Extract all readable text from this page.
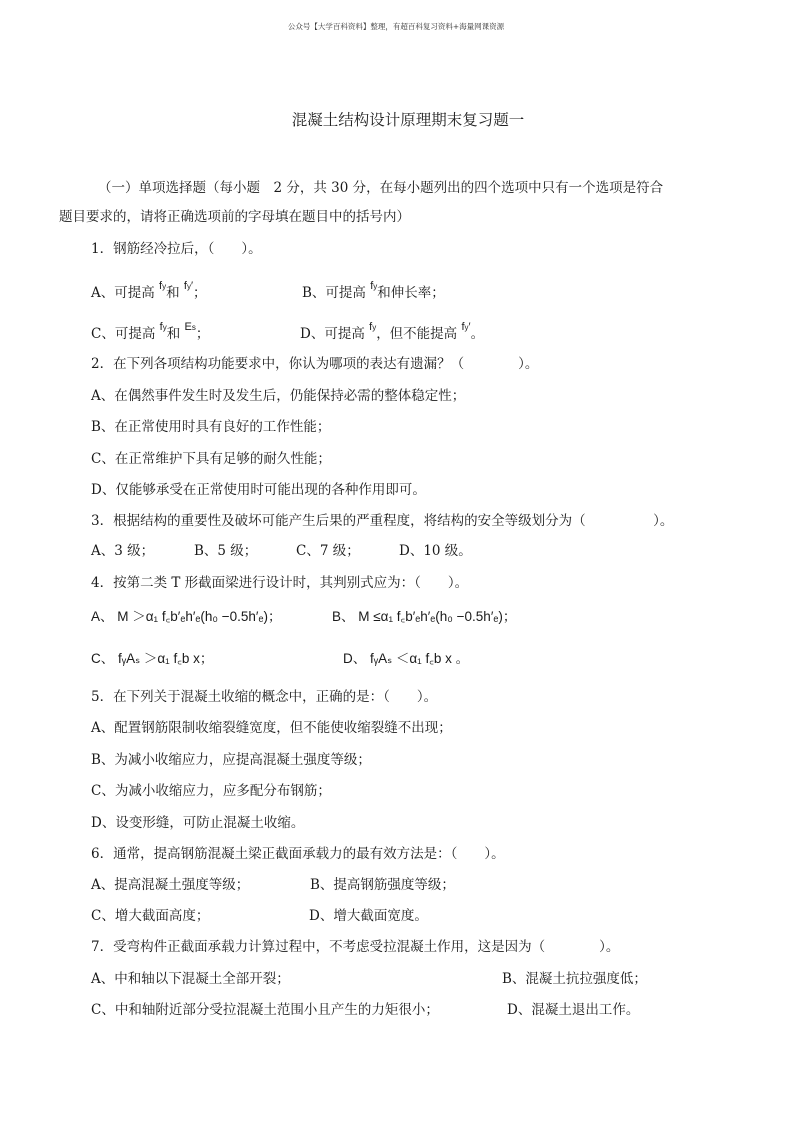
公众号【大学百科资料】整理，有超百科复习资料+海量网课资源
混凝土结构设计原理期末复习题一
（一）单项选择题（每小题　2 分，共 30 分，在每小题列出的四个选项中只有一个选项是符合
题目要求的，请将正确选项前的字母填在题目中的括号内）
1．钢筋经冷拉后，（　　）。
A、可提高 $^{fy}$和 $^{fy'}$；	B、可提高 $^{fy}$和伸长率；
C、可提高 $^{fy}$和 $^{Es}$；	D、可提高 $^{fy}$，但不能提高 $^{fy'}$。
2．在下列各项结构功能要求中，你认为哪项的表达有遗漏？（　　　　）。
A、在偶然事件发生时及发生后，仍能保持必需的整体稳定性；
B、在正常使用时具有良好的工作性能；
C、在正常维护下具有足够的耐久性能；
D、仅能够承受在正常使用时可能出现的各种作用即可。
3．根据结构的重要性及破坏可能产生后果的严重程度，将结构的安全等级划分为（　　　　　）。
A、3 级；	B、5 级；	C、7 级；	D、10 级。
4．按第二类 T 形截面梁进行设计时，其判别式应为：（　　）。
A、 M ＞α₁ f꜀b′ₑh′ₑ(h₀ −0.5h′ₑ)；	B、 M ≤α₁ f꜀b′ₑh′ₑ(h₀ −0.5h′ₑ)；
C、 fᵧAₛ ＞α₁ f꜀b x；	D、 fᵧAₛ ＜α₁ f꜀b x 。
5．在下列关于混凝土收缩的概念中，正确的是：（　　）。
A、配置钢筋限制收缩裂缝宽度，但不能使收缩裂缝不出现；
B、为减小收缩应力，应提高混凝土强度等级；
C、为减小收缩应力，应多配分布钢筋；
D、设变形缝，可防止混凝土收缩。
6．通常，提高钢筋混凝土梁正截面承载力的最有效方法是：（　　）。
A、提高混凝土强度等级；	B、提高钢筋强度等级；
C、增大截面高度；	D、增大截面宽度。
7．受弯构件正截面承载力计算过程中，不考虑受拉混凝土作用，这是因为（　　　　）。
A、中和轴以下混凝土全部开裂；	B、混凝土抗拉强度低；
C、中和轴附近部分受拉混凝土范围小且产生的力矩很小；	D、混凝土退出工作。
